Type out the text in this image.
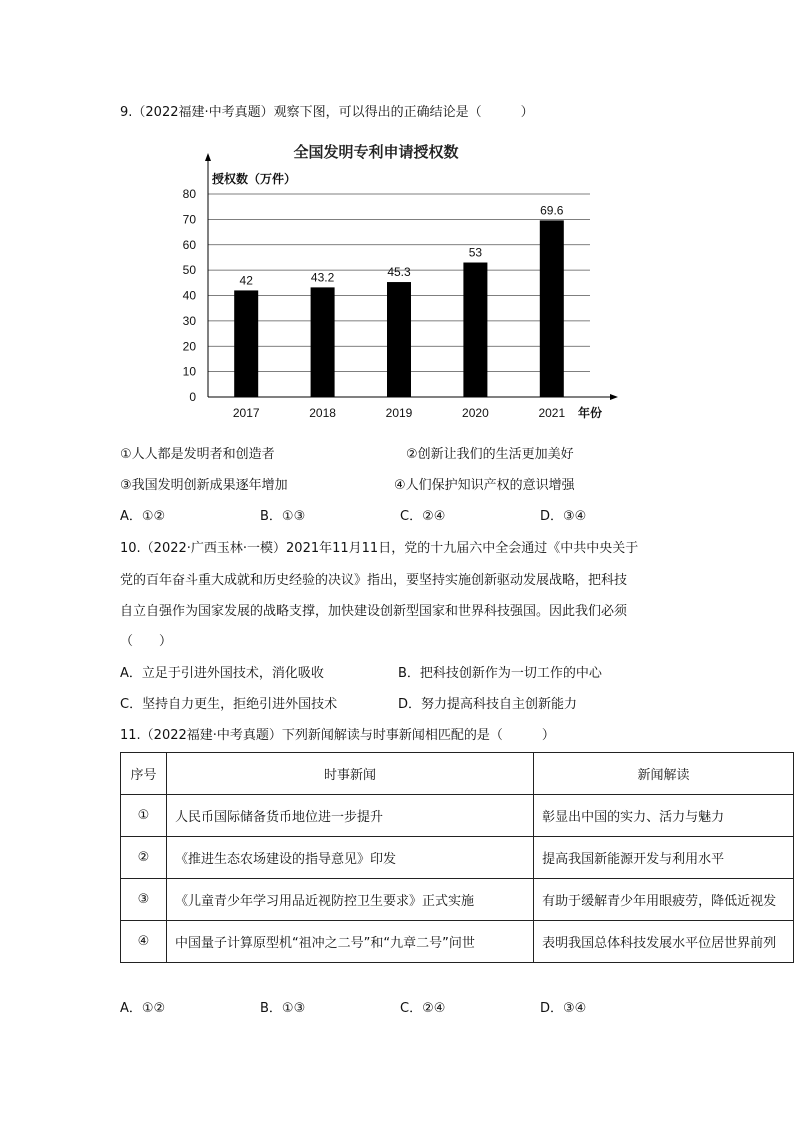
9.（2022福建·中考真题）观察下图，可以得出的正确结论是（　　　）
全国发明专利申请授权数
授权数（万件）
年份
0
10
20
30
40
50
60
70
80
42	43.2	45.3
53
69.6
2017	2018	2019	2020	2021
①人人都是发明者和创造者	②创新让我们的生活更加美好
③我国发明创新成果逐年增加	④人们保护知识产权的意识增强
A．①②	B．①③	C．②④	D．③④
10.（2022·广西玉林·一模）2021年11月11日，党的十九届六中全会通过《中共中央关于
党的百年奋斗重大成就和历史经验的决议》指出，要坚持实施创新驱动发展战略，把科技
自立自强作为国家发展的战略支撑，加快建设创新型国家和世界科技强国。因此我们必须
（　　）
A．立足于引进外国技术，消化吸收	B．把科技创新作为一切工作的中心
C．坚持自力更生，拒绝引进外国技术	D．努力提高科技自主创新能力
11.（2022福建·中考真题）下列新闻解读与时事新闻相匹配的是（　　　）
序号	时事新闻	新闻解读
①	人民币国际储备货币地位进一步提升	彰显出中国的实力、活力与魅力
②	《推进生态农场建设的指导意见》印发	提高我国新能源开发与利用水平
③	《儿童青少年学习用品近视防控卫生要求》正式实施	有助于缓解青少年用眼疲劳，降低近视发
④	中国量子计算原型机“祖冲之二号”和“九章二号”问世	表明我国总体科技发展水平位居世界前列
A．①②	B．①③	C．②④	D．③④
